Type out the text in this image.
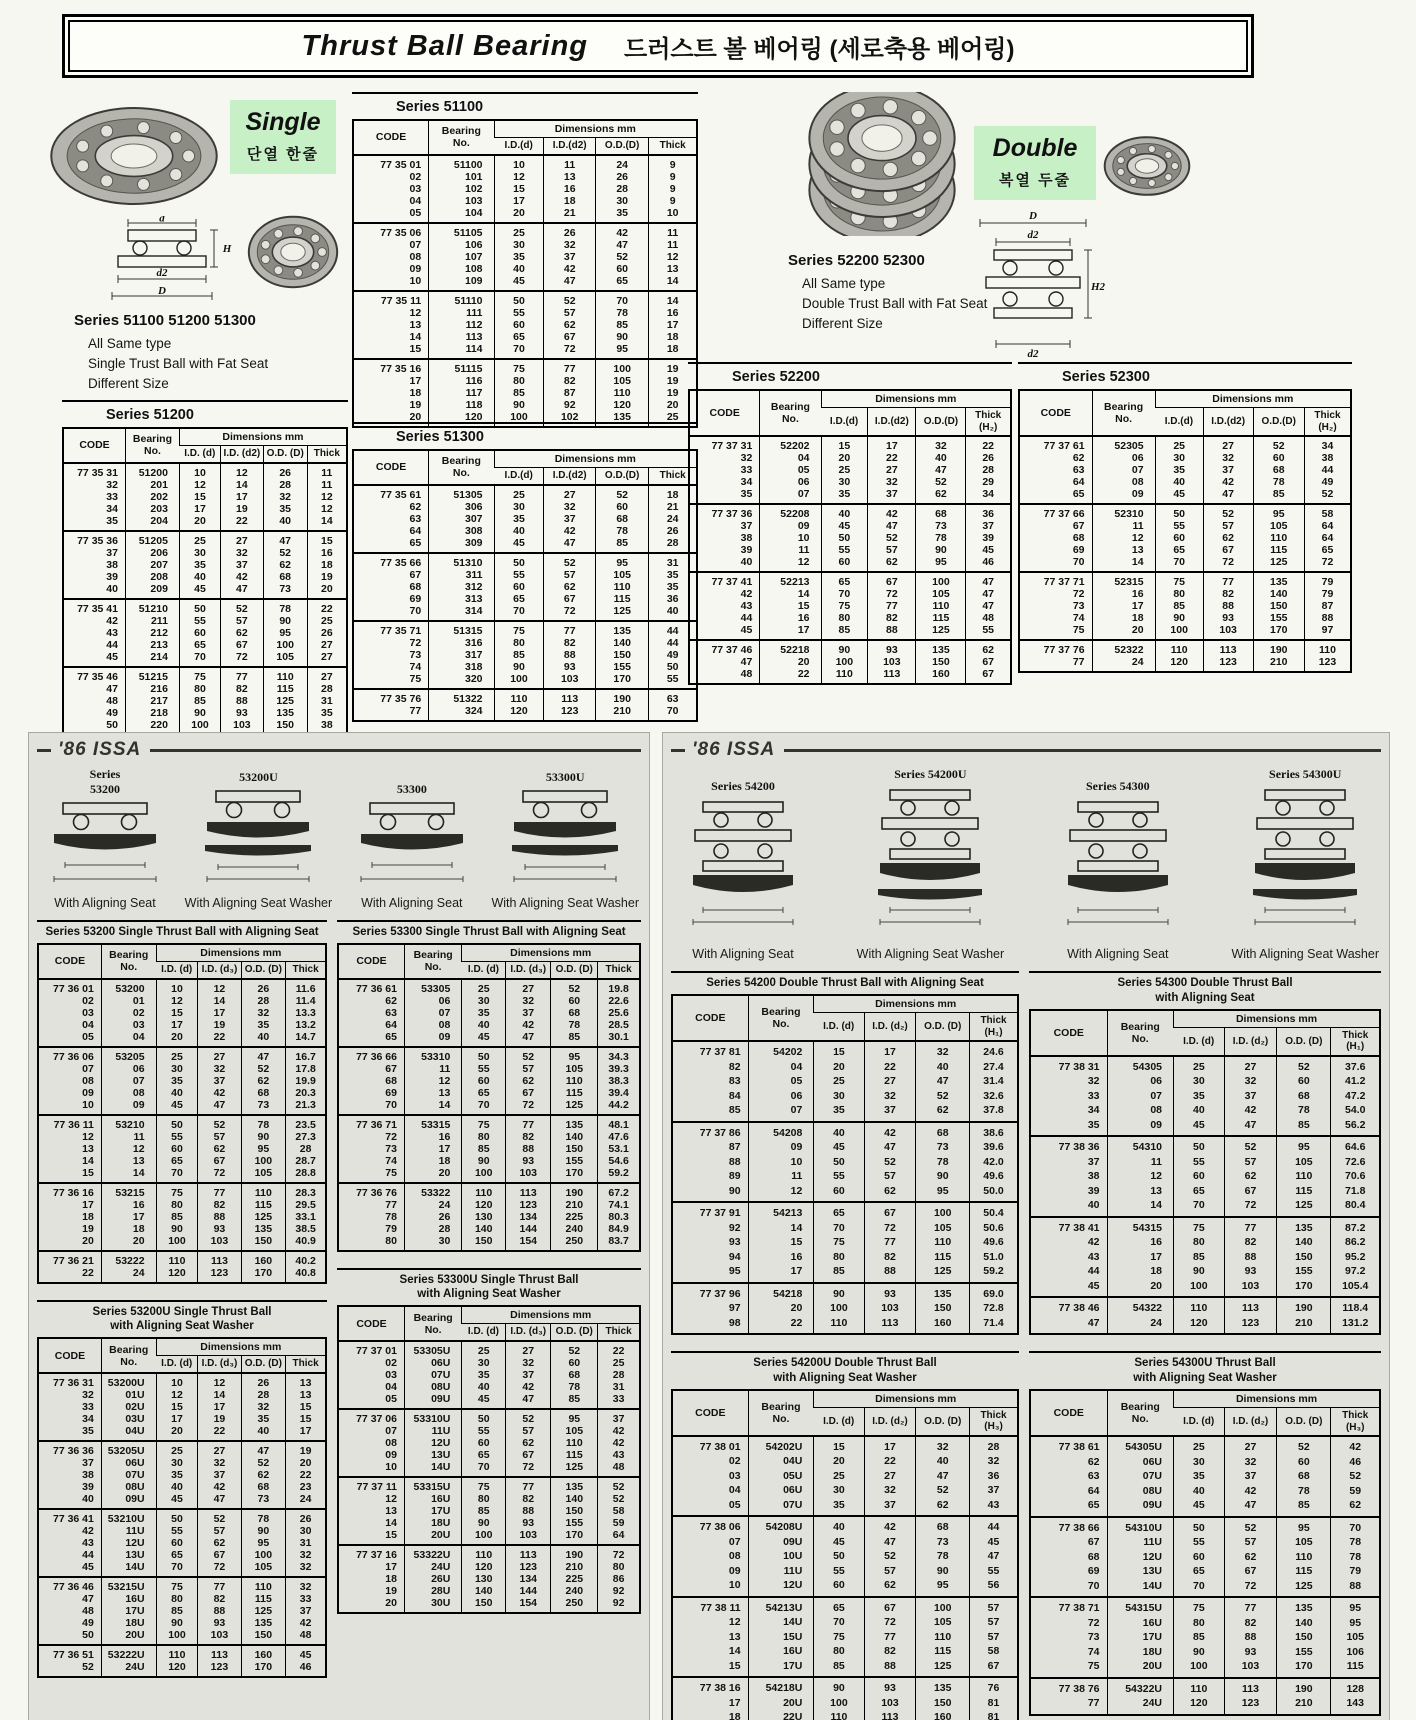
Thrust Ball Bearing 드러스트 볼 베어링 (세로축용 베어링)
Single
단열 한줄
d
H
d2
D
Series 51100 51200 51300
All Same type
Single Trust Ball with Fat Seat
Different Size
Series 51200
CODE	Bearing
No.	Dimensions mm			
		I.D. (d)	I.D. (d2)	O.D. (D)	Thick
77 35 31	51200	10	12	26	11
32	201	12	14	28	11
33	202	15	17	32	12
34	203	17	19	35	12
35	204	20	22	40	14
77 35 36	51205	25	27	47	15
37	206	30	32	52	16
38	207	35	37	62	18
39	208	40	42	68	19
40	209	45	47	73	20
77 35 41	51210	50	52	78	22
42	211	55	57	90	25
43	212	60	62	95	26
44	213	65	67	100	27
45	214	70	72	105	27
77 35 46	51215	75	77	110	27
47	216	80	82	115	28
48	217	85	88	125	31
49	218	90	93	135	35
50	220	100	103	150	38
Series 51100
CODE	Bearing
No.	Dimensions mm			
		I.D.(d)	I.D.(d2)	O.D.(D)	Thick
77 35 01	51100	10	11	24	9
02	101	12	13	26	9
03	102	15	16	28	9
04	103	17	18	30	9
05	104	20	21	35	10
77 35 06	51105	25	26	42	11
07	106	30	32	47	11
08	107	35	37	52	12
09	108	40	42	60	13
10	109	45	47	65	14
77 35 11	51110	50	52	70	14
12	111	55	57	78	16
13	112	60	62	85	17
14	113	65	67	90	18
15	114	70	72	95	18
77 35 16	51115	75	77	100	19
17	116	80	82	105	19
18	117	85	87	110	19
19	118	90	92	120	20
20	120	100	102	135	25
Series 51300
CODE	Bearing
No.	Dimensions mm			
		I.D.(d)	I.D.(d2)	O.D.(D)	Thick
77 35 61	51305	25	27	52	18
62	306	30	32	60	21
63	307	35	37	68	24
64	308	40	42	78	26
65	309	45	47	85	28
77 35 66	51310	50	52	95	31
67	311	55	57	105	35
68	312	60	62	110	35
69	313	65	67	115	36
70	314	70	72	125	40
77 35 71	51315	75	77	135	44
72	316	80	82	140	44
73	317	85	88	150	49
74	318	90	93	155	50
75	320	100	103	170	55
77 35 76	51322	110	113	190	63
77	324	120	123	210	70
Double
복열 두줄
D
d2
H2
d2
Series 52200 52300
All Same type
Double Trust Ball with Fat Seat
Different Size
Series 52200
CODE	Bearing
No.	Dimensions mm			
		I.D.(d)	I.D.(d2)	O.D.(D)	Thick
(H₂)
77 37 31	52202	15	17	32	22
32	04	20	22	40	26
33	05	25	27	47	28
34	06	30	32	52	29
35	07	35	37	62	34
77 37 36	52208	40	42	68	36
37	09	45	47	73	37
38	10	50	52	78	39
39	11	55	57	90	45
40	12	60	62	95	46
77 37 41	52213	65	67	100	47
42	14	70	72	105	47
43	15	75	77	110	47
44	16	80	82	115	48
45	17	85	88	125	55
77 37 46	52218	90	93	135	62
47	20	100	103	150	67
48	22	110	113	160	67
Series 52300
CODE	Bearing
No.	Dimensions mm			
		I.D.(d)	I.D.(d2)	O.D.(D)	Thick
(H₂)
77 37 61	52305	25	27	52	34
62	06	30	32	60	38
63	07	35	37	68	44
64	08	40	42	78	49
65	09	45	47	85	52
77 37 66	52310	50	52	95	58
67	11	55	57	105	64
68	12	60	62	110	64
69	13	65	67	115	65
70	14	70	72	125	72
77 37 71	52315	75	77	135	79
72	16	80	82	140	79
73	17	85	88	150	87
74	18	90	93	155	88
75	20	100	103	170	97
77 37 76	52322	110	113	190	110
77	24	120	123	210	123
'86 ISSA
Series
53200
With Aligning Seat
53200U
With Aligning Seat Washer
53300
With Aligning Seat
53300U
With Aligning Seat Washer
Series 53200 Single Thrust Ball with Aligning Seat
CODE	Bearing
No.	Dimensions mm			
		I.D. (d)	I.D. (d₃)	O.D. (D)	Thick
77 36 01	53200	10	12	26	11.6
02	01	12	14	28	11.4
03	02	15	17	32	13.3
04	03	17	19	35	13.2
05	04	20	22	40	14.7
77 36 06	53205	25	27	47	16.7
07	06	30	32	52	17.8
08	07	35	37	62	19.9
09	08	40	42	68	20.3
10	09	45	47	73	21.3
77 36 11	53210	50	52	78	23.5
12	11	55	57	90	27.3
13	12	60	62	95	28
14	13	65	67	100	28.7
15	14	70	72	105	28.8
77 36 16	53215	75	77	110	28.3
17	16	80	82	115	29.5
18	17	85	88	125	33.1
19	18	90	93	135	38.5
20	20	100	103	150	40.9
77 36 21	53222	110	113	160	40.2
22	24	120	123	170	40.8
Series 53200U Single Thrust Ball
with Aligning Seat Washer
CODE	Bearing
No.	Dimensions mm			
		I.D. (d)	I.D. (d₃)	O.D. (D)	Thick
77 36 31	53200U	10	12	26	13
32	01U	12	14	28	13
33	02U	15	17	32	15
34	03U	17	19	35	15
35	04U	20	22	40	17
77 36 36	53205U	25	27	47	19
37	06U	30	32	52	20
38	07U	35	37	62	22
39	08U	40	42	68	23
40	09U	45	47	73	24
77 36 41	53210U	50	52	78	26
42	11U	55	57	90	30
43	12U	60	62	95	31
44	13U	65	67	100	32
45	14U	70	72	105	32
77 36 46	53215U	75	77	110	32
47	16U	80	82	115	33
48	17U	85	88	125	37
49	18U	90	93	135	42
50	20U	100	103	150	48
77 36 51	53222U	110	113	160	45
52	24U	120	123	170	46
Series 53300 Single Thrust Ball with Aligning Seat
CODE	Bearing
No.	Dimensions mm			
		I.D. (d)	I.D. (d₃)	O.D. (D)	Thick
77 36 61	53305	25	27	52	19.8
62	06	30	32	60	22.6
63	07	35	37	68	25.6
64	08	40	42	78	28.5
65	09	45	47	85	30.1
77 36 66	53310	50	52	95	34.3
67	11	55	57	105	39.3
68	12	60	62	110	38.3
69	13	65	67	115	39.4
70	14	70	72	125	44.2
77 36 71	53315	75	77	135	48.1
72	16	80	82	140	47.6
73	17	85	88	150	53.1
74	18	90	93	155	54.6
75	20	100	103	170	59.2
77 36 76	53322	110	113	190	67.2
77	24	120	123	210	74.1
78	26	130	134	225	80.3
79	28	140	144	240	84.9
80	30	150	154	250	83.7
Series 53300U Single Thrust Ball
with Aligning Seat Washer
CODE	Bearing
No.	Dimensions mm			
		I.D. (d)	I.D. (d₃)	O.D. (D)	Thick
77 37 01	53305U	25	27	52	22
02	06U	30	32	60	25
03	07U	35	37	68	28
04	08U	40	42	78	31
05	09U	45	47	85	33
77 37 06	53310U	50	52	95	37
07	11U	55	57	105	42
08	12U	60	62	110	42
09	13U	65	67	115	43
10	14U	70	72	125	48
77 37 11	53315U	75	77	135	52
12	16U	80	82	140	52
13	17U	85	88	150	58
14	18U	90	93	155	59
15	20U	100	103	170	64
77 37 16	53322U	110	113	190	72
17	24U	120	123	210	80
18	26U	130	134	225	86
19	28U	140	144	240	92
20	30U	150	154	250	92
'86 ISSA
Series 54200
With Aligning Seat
Series 54200U
With Aligning Seat Washer
Series 54300
With Aligning Seat
Series 54300U
With Aligning Seat Washer
Series 54200 Double Thrust Ball with Aligning Seat
CODE	Bearing
No.	Dimensions mm			
		I.D. (d)	I.D. (d₂)	O.D. (D)	Thick
(H₁)
77 37 81	54202	15	17	32	24.6
82	04	20	22	40	27.4
83	05	25	27	47	31.4
84	06	30	32	52	32.6
85	07	35	37	62	37.8
77 37 86	54208	40	42	68	38.6
87	09	45	47	73	39.6
88	10	50	52	78	42.0
89	11	55	57	90	49.6
90	12	60	62	95	50.0
77 37 91	54213	65	67	100	50.4
92	14	70	72	105	50.6
93	15	75	77	110	49.6
94	16	80	82	115	51.0
95	17	85	88	125	59.2
77 37 96	54218	90	93	135	69.0
97	20	100	103	150	72.8
98	22	110	113	160	71.4
Series 54200U Double Thrust Ball
with Aligning Seat Washer
CODE	Bearing
No.	Dimensions mm			
		I.D. (d)	I.D. (d₂)	O.D. (D)	Thick
(H₃)
77 38 01	54202U	15	17	32	28
02	04U	20	22	40	32
03	05U	25	27	47	36
04	06U	30	32	52	37
05	07U	35	37	62	43
77 38 06	54208U	40	42	68	44
07	09U	45	47	73	45
08	10U	50	52	78	47
09	11U	55	57	90	55
10	12U	60	62	95	56
77 38 11	54213U	65	67	100	57
12	14U	70	72	105	57
13	15U	75	77	110	57
14	16U	80	82	115	58
15	17U	85	88	125	67
77 38 16	54218U	90	93	135	76
17	20U	100	103	150	81
18	22U	110	113	160	81
Series 54300 Double Thrust Ball
with Aligning Seat
CODE	Bearing
No.	Dimensions mm			
		I.D. (d)	I.D. (d₂)	O.D. (D)	Thick
(H₁)
77 38 31	54305	25	27	52	37.6
32	06	30	32	60	41.2
33	07	35	37	68	47.2
34	08	40	42	78	54.0
35	09	45	47	85	56.2
77 38 36	54310	50	52	95	64.6
37	11	55	57	105	72.6
38	12	60	62	110	70.6
39	13	65	67	115	71.8
40	14	70	72	125	80.4
77 38 41	54315	75	77	135	87.2
42	16	80	82	140	86.2
43	17	85	88	150	95.2
44	18	90	93	155	97.2
45	20	100	103	170	105.4
77 38 46	54322	110	113	190	118.4
47	24	120	123	210	131.2
Series 54300U Thrust Ball
with Aligning Seat Washer
CODE	Bearing
No.	Dimensions mm			
		I.D. (d)	I.D. (d₂)	O.D. (D)	Thick
(H₃)
77 38 61	54305U	25	27	52	42
62	06U	30	32	60	46
63	07U	35	37	68	52
64	08U	40	42	78	59
65	09U	45	47	85	62
77 38 66	54310U	50	52	95	70
67	11U	55	57	105	78
68	12U	60	62	110	78
69	13U	65	67	115	79
70	14U	70	72	125	88
77 38 71	54315U	75	77	135	95
72	16U	80	82	140	95
73	17U	85	88	150	105
74	18U	90	93	155	106
75	20U	100	103	170	115
77 38 76	54322U	110	113	190	128
77	24U	120	123	210	143
